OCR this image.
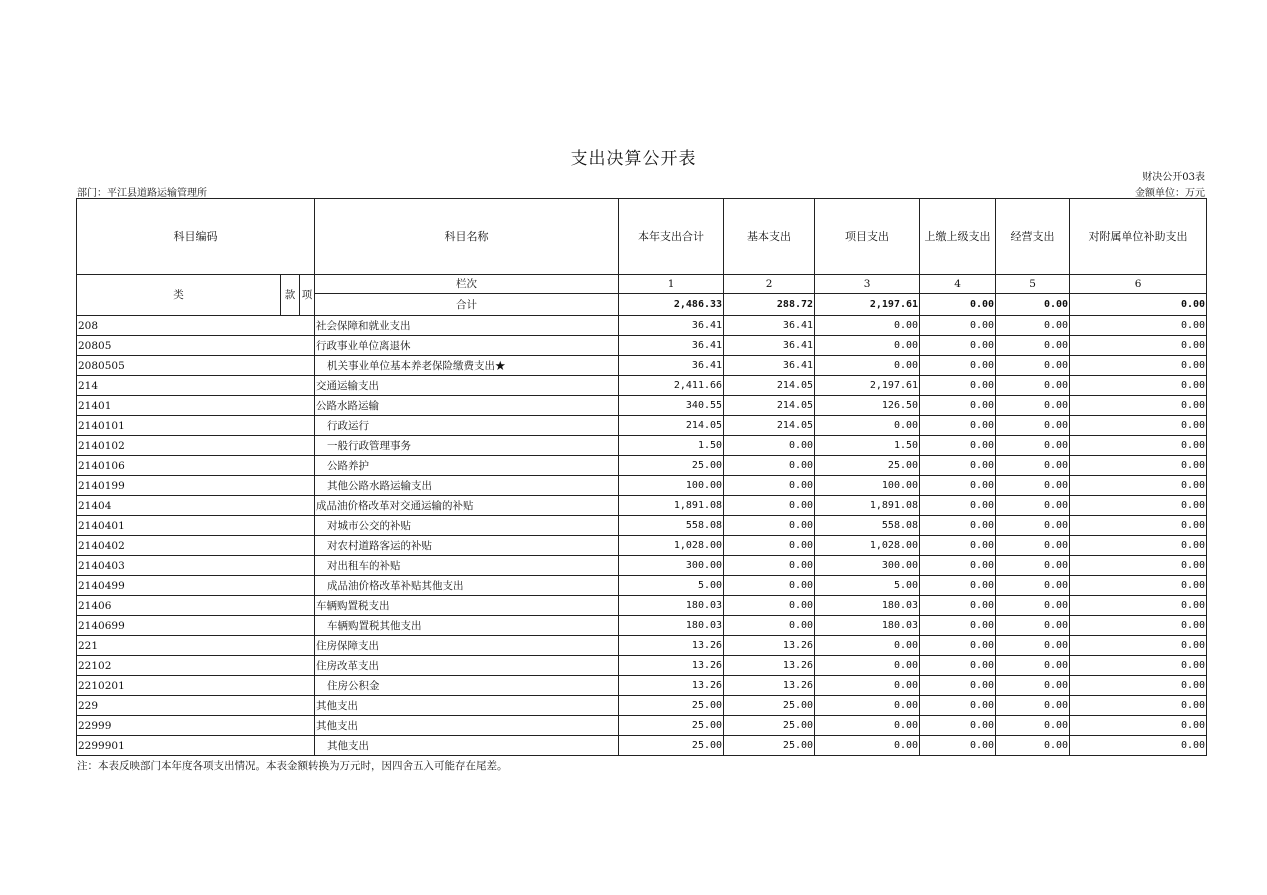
支出决算公开表
财决公开03表
部门：平江县道路运输管理所	金额单位：万元
科目编码			科目名称	本年支出合计	基本支出	项目支出	上缴上级支出	经营支出	对附属单位补助支出
类	款	项	栏次	1	2	3	4	5	6
			合计	2,486.33	288.72	2,197.61	0.00	0.00	0.00
208			社会保障和就业支出	36.41	36.41	0.00	0.00	0.00	0.00
20805			行政事业单位离退休	36.41	36.41	0.00	0.00	0.00	0.00
2080505			机关事业单位基本养老保险缴费支出★	36.41	36.41	0.00	0.00	0.00	0.00
214			交通运输支出	2,411.66	214.05	2,197.61	0.00	0.00	0.00
21401			公路水路运输	340.55	214.05	126.50	0.00	0.00	0.00
2140101			行政运行	214.05	214.05	0.00	0.00	0.00	0.00
2140102			一般行政管理事务	1.50	0.00	1.50	0.00	0.00	0.00
2140106			公路养护	25.00	0.00	25.00	0.00	0.00	0.00
2140199			其他公路水路运输支出	100.00	0.00	100.00	0.00	0.00	0.00
21404			成品油价格改革对交通运输的补贴	1,891.08	0.00	1,891.08	0.00	0.00	0.00
2140401			对城市公交的补贴	558.08	0.00	558.08	0.00	0.00	0.00
2140402			对农村道路客运的补贴	1,028.00	0.00	1,028.00	0.00	0.00	0.00
2140403			对出租车的补贴	300.00	0.00	300.00	0.00	0.00	0.00
2140499			成品油价格改革补贴其他支出	5.00	0.00	5.00	0.00	0.00	0.00
21406			车辆购置税支出	180.03	0.00	180.03	0.00	0.00	0.00
2140699			车辆购置税其他支出	180.03	0.00	180.03	0.00	0.00	0.00
221			住房保障支出	13.26	13.26	0.00	0.00	0.00	0.00
22102			住房改革支出	13.26	13.26	0.00	0.00	0.00	0.00
2210201			住房公积金	13.26	13.26	0.00	0.00	0.00	0.00
229			其他支出	25.00	25.00	0.00	0.00	0.00	0.00
22999			其他支出	25.00	25.00	0.00	0.00	0.00	0.00
2299901			其他支出	25.00	25.00	0.00	0.00	0.00	0.00
注：本表反映部门本年度各项支出情况。本表金额转换为万元时，因四舍五入可能存在尾差。
